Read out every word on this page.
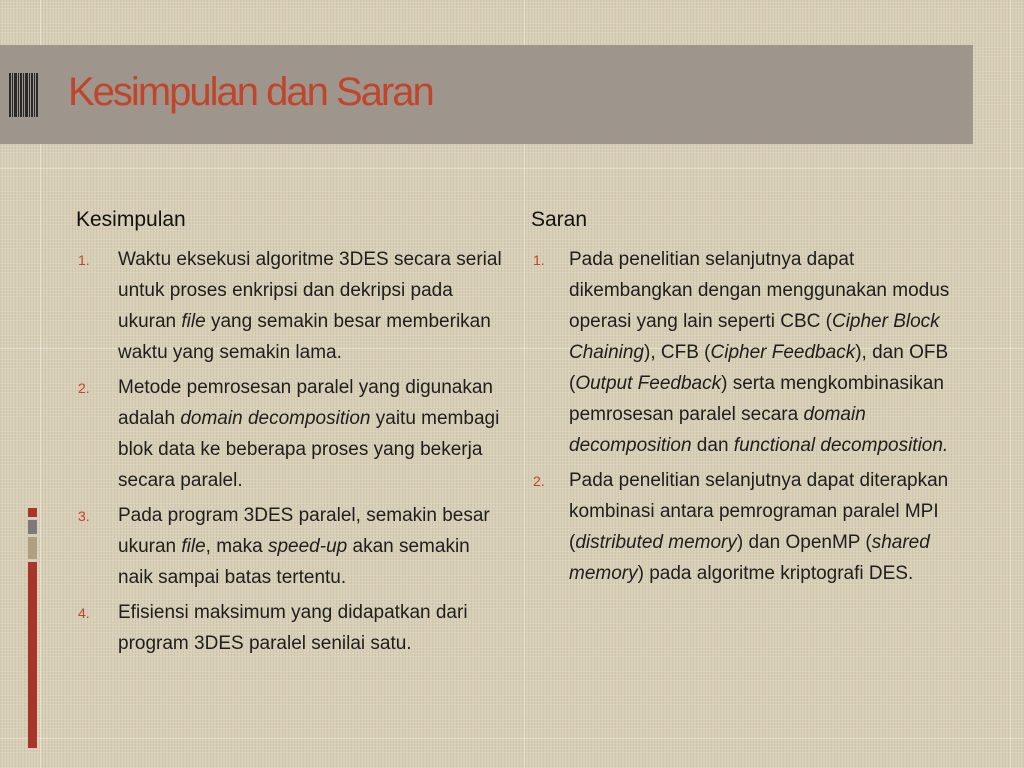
Kesimpulan dan Saran
Kesimpulan
1. Waktu eksekusi algoritme 3DES secara serial untuk proses enkripsi dan dekripsi pada ukuran file yang semakin besar memberikan waktu yang semakin lama.
2. Metode pemrosesan paralel yang digunakan adalah domain decomposition yaitu membagi blok data ke beberapa proses yang bekerja secara paralel.
3. Pada program 3DES paralel, semakin besar ukuran file, maka speed-up akan semakin naik sampai batas tertentu.
4. Efisiensi maksimum yang didapatkan dari program 3DES paralel senilai satu.
Saran
1. Pada penelitian selanjutnya dapat dikembangkan dengan menggunakan modus operasi yang lain seperti CBC (Cipher Block Chaining), CFB (Cipher Feedback), dan OFB (Output Feedback) serta mengkombinasikan pemrosesan paralel secara domain decomposition dan functional decomposition.
2. Pada penelitian selanjutnya dapat diterapkan kombinasi antara pemrograman paralel MPI (distributed memory) dan OpenMP (shared memory) pada algoritme kriptografi DES.
